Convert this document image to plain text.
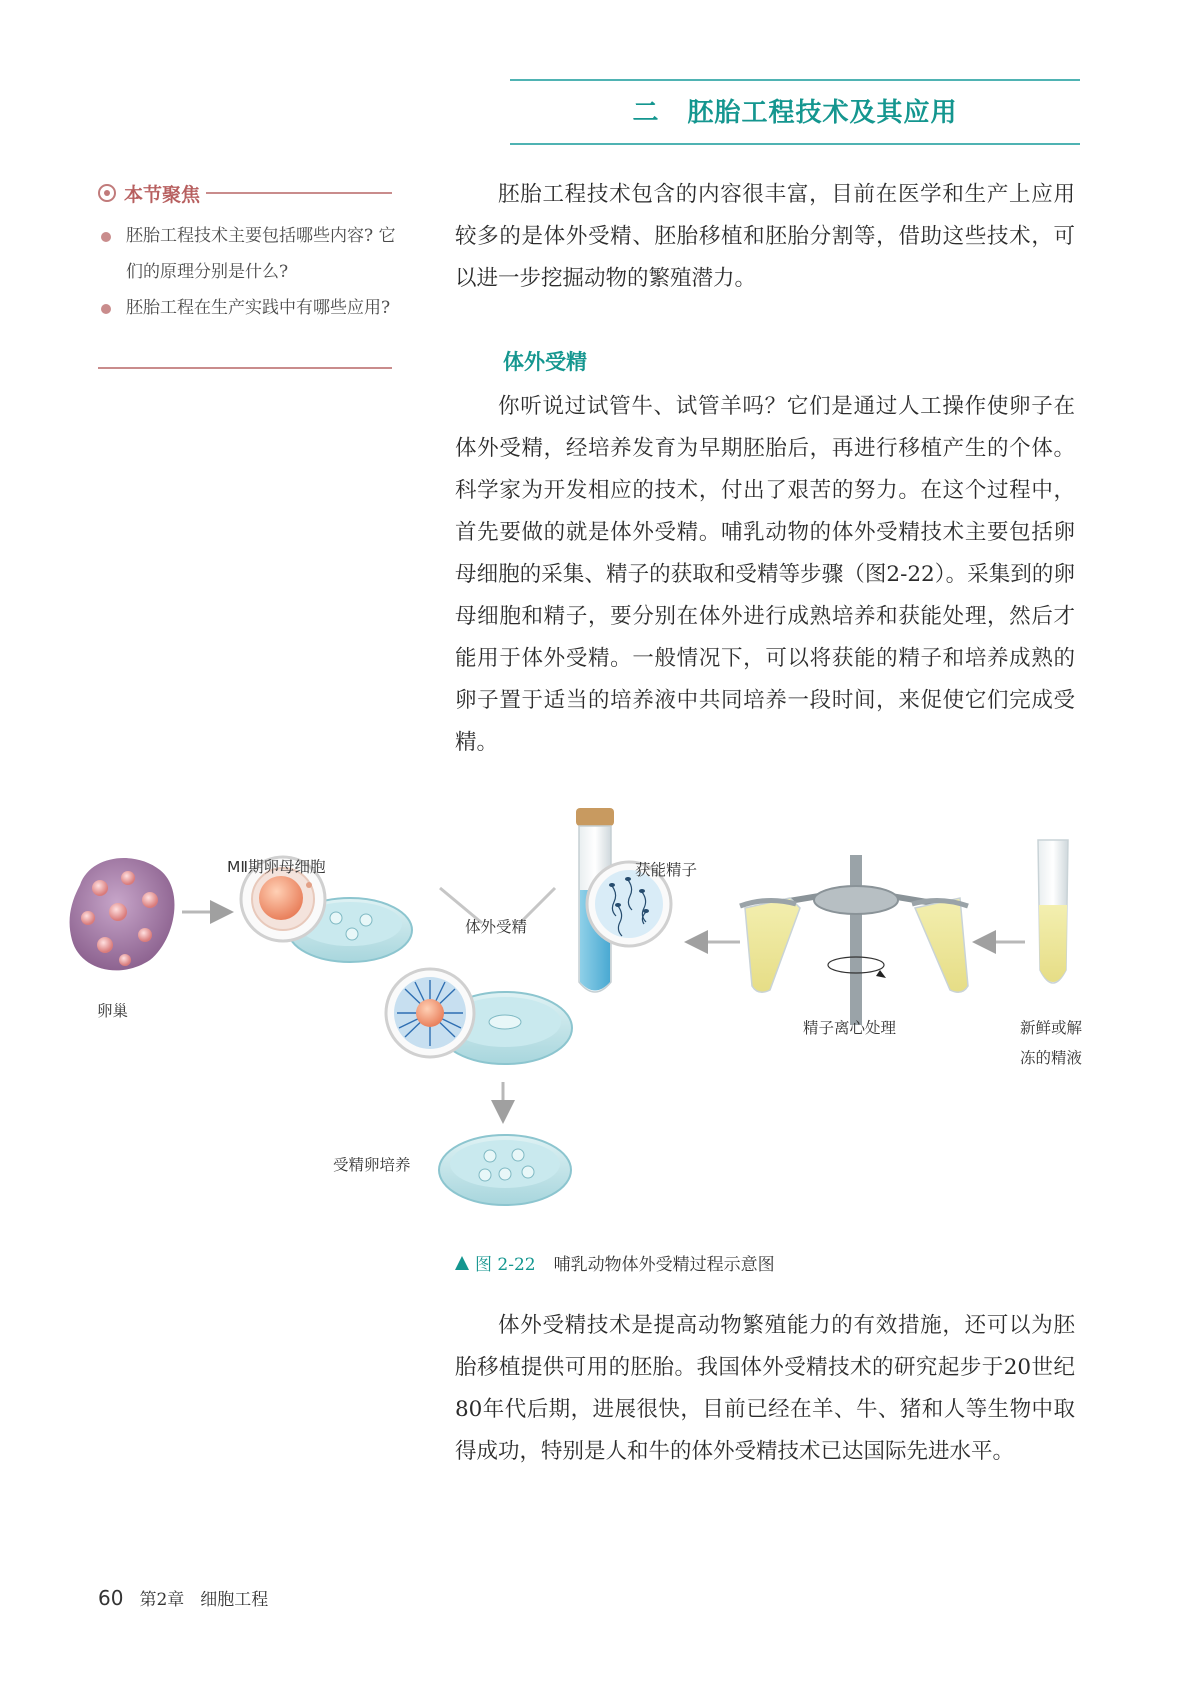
二 胚胎工程技术及其应用
本节聚焦
胚胎工程技术主要包括哪些内容? 它们的原理分别是什么?
胚胎工程在生产实践中有哪些应用?

胚胎工程技术包含的内容很丰富，目前在医学和生产上应用较多的是体外受精、胚胎移植和胚胎分割等，借助这些技术，可以进一步挖掘动物的繁殖潜力。

体外受精

你听说过试管牛、试管羊吗？它们是通过人工操作使卵子在体外受精，经培养发育为早期胚胎后，再进行移植产生的个体。科学家为开发相应的技术，付出了艰苦的努力。在这个过程中，首先要做的就是体外受精。哺乳动物的体外受精技术主要包括卵母细胞的采集、精子的获取和受精等步骤（图2-22）。采集到的卵母细胞和精子，要分别在体外进行成熟培养和获能处理，然后才能用于体外受精。一般情况下，可以将获能的精子和培养成熟的卵子置于适当的培养液中共同培养一段时间，来促使它们完成受精。

卵巢
MⅡ期卵母细胞
体外受精
获能精子
精子离心处理	新鲜或解
冻的精液
受精卵培养
图 2-22 哺乳动物体外受精过程示意图

体外受精技术是提高动物繁殖能力的有效措施，还可以为胚胎移植提供可用的胚胎。我国体外受精技术的研究起步于20世纪80年代后期，进展很快，目前已经在羊、牛、猪和人等生物中取得成功，特别是人和牛的体外受精技术已达国际先进水平。

60 第2章 细胞工程
